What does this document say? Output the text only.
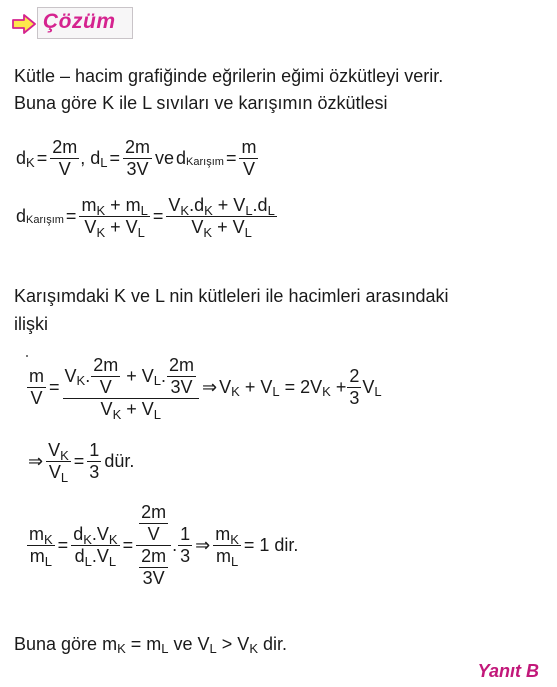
Çözüm
Kütle – hacim grafiğinde eğrilerin eğimi özkütleyi verir.
Buna göre K ile L sıvıları ve karışımın özkütlesi
d $K = \frac{2m}{V}$ , d $L = \frac{2m}{3V}$ ve d Karışım = $\frac{m}{V}$
d Karışım = $\frac{m_K + m_L}{V_K + V_L} = \frac{V_K.d_K + V_L.d_L}{V_K + V_L}$
Karışımdaki K ve L nin kütleleri ile hacimleri arasındaki
ilişki
$\frac{m}{V} = V$ K . $\frac{2m}{V}$
+ V L . $\frac{2m}{3V}$
$V_K + V_L$ ⇒ V K
+ V L
= 2V K
+ $\frac{2}{3}$ V L
⇒ $\frac{V_K}{V_L} = \frac{1}{3}$ dür.
$\frac{m_K}{m_L} = \frac{d_K.V_K}{d_L.V_L} = \frac{\frac{2m}{V}}{\frac{2m}{3V}}$ . $\frac{1}{3}$ ⇒ $\frac{m_K}{m_L} = 1$ dir.
Buna göre m K
= m L
ve V L
> V K
dir.
Yanıt B
